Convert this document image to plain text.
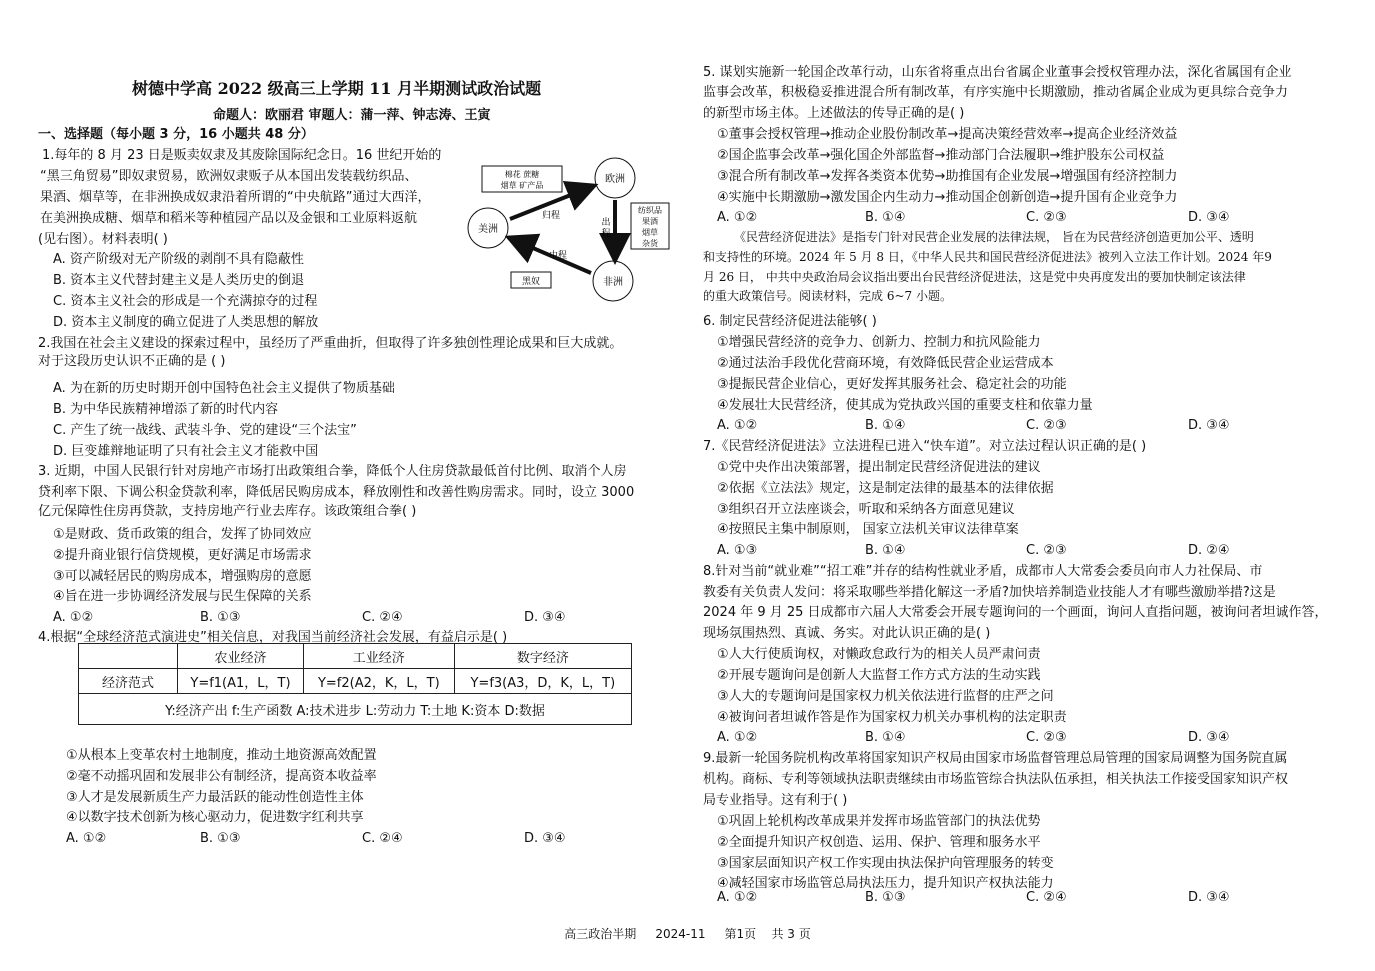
树德中学高 2022 级高三上学期 11 月半期测试政治试题
命题人：欧丽君 审题人：蒲一萍、钟志涛、王寅
一、选择题（每小题 3 分，16 小题共 48 分）
1.每年的 8 月 23 日是贩卖奴隶及其废除国际纪念日。16 世纪开始的
“黑三角贸易”即奴隶贸易，欧洲奴隶贩子从本国出发装载纺织品、
果酒、烟草等，在非洲换成奴隶沿着所谓的“中央航路”通过大西洋，
在美洲换成糖、烟草和稻米等种植园产品以及金银和工业原料返航
(见右图）。材料表明( )
A. 资产阶级对无产阶级的剥削不具有隐蔽性
B. 资本主义代替封建主义是人类历史的倒退
C. 资本主义社会的形成是一个充满掠夺的过程
D. 资本主义制度的确立促进了人类思想的解放
欧洲
美洲
非洲
棉花 蔗糖
烟草 矿产品
纺织品
果酒
烟草
杂货
黑奴
归程
出
程
中程
2.我国在社会主义建设的探索过程中，虽经历了严重曲折，但取得了许多独创性理论成果和巨大成就。
对于这段历史认识不正确的是 ( )
A. 为在新的历史时期开创中国特色社会主义提供了物质基础
B. 为中华民族精神增添了新的时代内容
C. 产生了统一战线、武装斗争、党的建设“三个法宝”
D. 巨变雄辩地证明了只有社会主义才能救中国
3. 近期，中国人民银行针对房地产市场打出政策组合拳，降低个人住房贷款最低首付比例、取消个人房
贷利率下限、下调公积金贷款利率，降低居民购房成本，释放刚性和改善性购房需求。同时，设立 3000
亿元保障性住房再贷款，支持房地产行业去库存。该政策组合拳( )
①是财政、货币政策的组合，发挥了协同效应
②提升商业银行信贷规模，更好满足市场需求
③可以减轻居民的购房成本，增强购房的意愿
④旨在进一步协调经济发展与民生保障的关系
A. ①②	B. ①③	C. ②④	D. ③④
4.根据“全球经济范式演进史”相关信息，对我国当前经济社会发展，有益启示是( )
	农业经济	工业经济	数字经济
经济范式	Y=f1(A1，L，T)	Y=f2(A2，K，L，T)	Y=f3(A3，D，K，L，T)
Y:经济产出 f:生产函数 A:技术进步 L:劳动力 T:土地 K:资本 D:数据			
①从根本上变革农村土地制度，推动土地资源高效配置
②毫不动摇巩固和发展非公有制经济，提高资本收益率
③人才是发展新质生产力最活跃的能动性创造性主体
④以数字技术创新为核心驱动力，促进数字红利共享
A. ①②	B. ①③	C. ②④	D. ③④
5. 谋划实施新一轮国企改革行动，山东省将重点出台省属企业董事会授权管理办法，深化省属国有企业
监事会改革，积极稳妥推进混合所有制改革，有序实施中长期激励，推动省属企业成为更具综合竞争力
的新型市场主体。上述做法的传导正确的是( )
①董事会授权管理→推动企业股份制改革→提高决策经营效率→提高企业经济效益
②国企监事会改革→强化国企外部监督→推动部门合法履职→维护股东公司权益
③混合所有制改革→发挥各类资本优势→助推国有企业发展→增强国有经济控制力
④实施中长期激励→激发国企内生动力→推动国企创新创造→提升国有企业竞争力
A. ①②	B. ①④	C. ②③	D. ③④
《民营经济促进法》是指专门针对民营企业发展的法律法规， 旨在为民营经济创造更加公平、透明
和支持性的环境。2024 年 5 月 8 日，《中华人民共和国民营经济促进法》被列入立法工作计划。2024 年9
月 26 日， 中共中央政治局会议指出要出台民营经济促进法，这是党中央再度发出的要加快制定该法律
的重大政策信号。阅读材料，完成 6~7 小题。
6. 制定民营经济促进法能够( )
①增强民营经济的竞争力、创新力、控制力和抗风险能力
②通过法治手段优化营商环境，有效降低民营企业运营成本
③提振民营企业信心，更好发挥其服务社会、稳定社会的功能
④发展壮大民营经济，使其成为党执政兴国的重要支柱和依靠力量
A. ①②	B. ①④	C. ②③	D. ③④
7.《民营经济促进法》立法进程已进入“快车道”。对立法过程认识正确的是( )
①党中央作出决策部署，提出制定民营经济促进法的建议
②依据《立法法》规定，这是制定法律的最基本的法律依据
③组织召开立法座谈会，听取和采纳各方面意见建议
④按照民主集中制原则， 国家立法机关审议法律草案
A. ①③	B. ①④	C. ②③	D. ②④
8.针对当前“就业难”“招工难”并存的结构性就业矛盾，成都市人大常委会委员向市人力社保局、市
教委有关负责人发问：将采取哪些举措化解这一矛盾?加快培养制造业技能人才有哪些激励举措?这是
2024 年 9 月 25 日成都市六届人大常委会开展专题询问的一个画面，询问人直指问题，被询问者坦诚作答，
现场氛围热烈、真诚、务实。对此认识正确的是( )
①人大行使质询权，对懒政怠政行为的相关人员严肃问责
②开展专题询问是创新人大监督工作方式方法的生动实践
③人大的专题询问是国家权力机关依法进行监督的庄严之问
④被询问者坦诚作答是作为国家权力机关办事机构的法定职责
A. ①②	B. ①④	C. ②③	D. ③④
9.最新一轮国务院机构改革将国家知识产权局由国家市场监督管理总局管理的国家局调整为国务院直属
机构。商标、专利等领域执法职责继续由市场监管综合执法队伍承担，相关执法工作接受国家知识产权
局专业指导。这有利于( )
①巩固上轮机构改革成果并发挥市场监管部门的执法优势
②全面提升知识产权创造、运用、保护、管理和服务水平
③国家层面知识产权工作实现由执法保护向管理服务的转变
④减轻国家市场监管总局执法压力，提升知识产权执法能力
A. ①②	B. ①③	C. ②④	D. ③④
高三政治半期     2024-11     第1页    共 3 页
